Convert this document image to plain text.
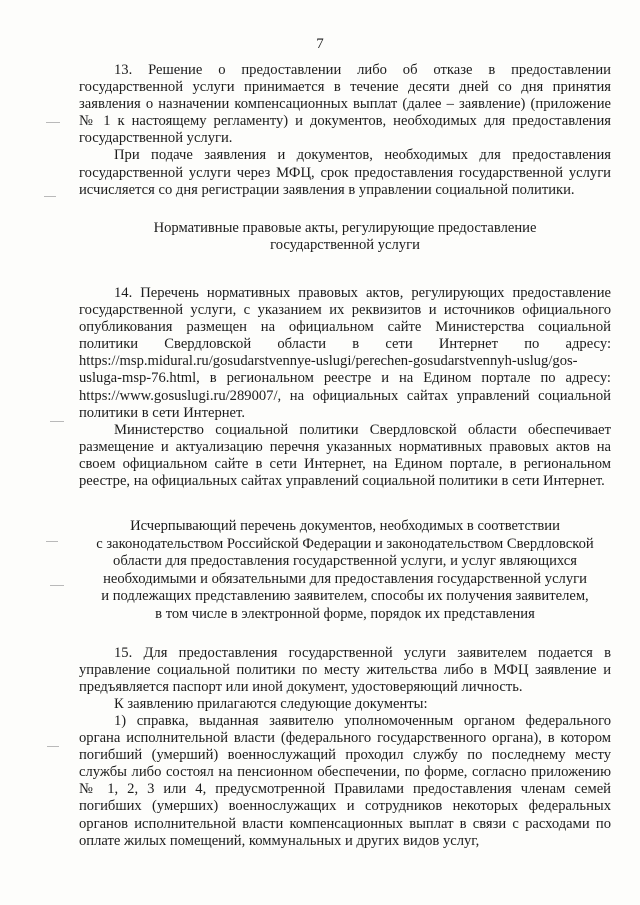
7

13. Решение о предоставлении либо об отказе в предоставлении государственной услуги принимается в течение десяти дней со дня принятия заявления о назначении компенсационных выплат (далее – заявление) (приложение № 1 к настоящему регламенту) и документов, необходимых для предоставления государственной услуги.

При подаче заявления и документов, необходимых для предоставления государственной услуги через МФЦ, срок предоставления государственной услуги исчисляется со дня регистрации заявления в управлении социальной политики.

Нормативные правовые акты, регулирующие предоставление

государственной услуги

14. Перечень нормативных правовых актов, регулирующих предоставление государственной услуги, с указанием их реквизитов и источников официального опубликования размещен на официальном сайте Министерства социальной политики Свердловской области в сети Интернет по адресу: https://msp.midural.ru/gosudarstvennye-uslugi/perechen-gosudarstvennyh-uslug/gos-usluga-msp-76.html, в региональном реестре и на Едином портале по адресу: https://www.gosuslugi.ru/289007/, на официальных сайтах управлений социальной политики в сети Интернет.

Министерство социальной политики Свердловской области обеспечивает размещение и актуализацию перечня указанных нормативных правовых актов на своем официальном сайте в сети Интернет, на Едином портале, в региональном реестре, на официальных сайтах управлений социальной политики в сети Интернет.

Исчерпывающий перечень документов, необходимых в соответствии

с законодательством Российской Федерации и законодательством Свердловской

области для предоставления государственной услуги, и услуг являющихся

необходимыми и обязательными для предоставления государственной услуги

и подлежащих представлению заявителем, способы их получения заявителем,

в том числе в электронной форме, порядок их представления

15. Для предоставления государственной услуги заявителем подается в управление социальной политики по месту жительства либо в МФЦ заявление и предъявляется паспорт или иной документ, удостоверяющий личность.

К заявлению прилагаются следующие документы:

1) справка, выданная заявителю уполномоченным органом федерального органа исполнительной власти (федерального государственного органа), в котором погибший (умерший) военнослужащий проходил службу по последнему месту службы либо состоял на пенсионном обеспечении, по форме, согласно приложению № 1, 2, 3 или 4, предусмотренной Правилами предоставления членам семей погибших (умерших) военнослужащих и сотрудников некоторых федеральных органов исполнительной власти компенсационных выплат в связи с расходами по оплате жилых помещений, коммунальных и других видов услуг,
